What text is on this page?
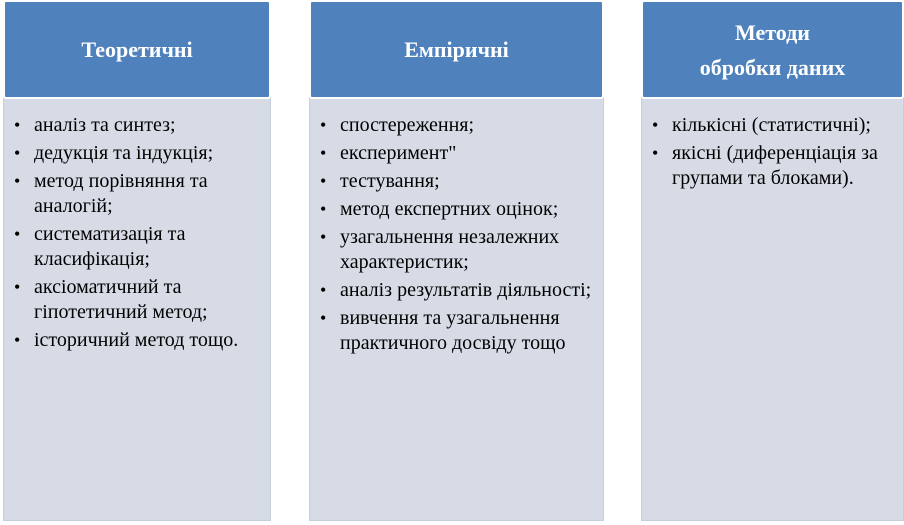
Теоретичні
• аналіз та синтез;
• дедукція та індукція;
• метод порівняння та аналогій;
• систематизація та класифікація;
• аксіоматичний та гіпотетичний метод;
• історичний метод тощо.
Емпіричні
• спостереження;
• експеримент"
• тестування;
• метод експертних оцінок;
• узагальнення незалежних характеристик;
• аналіз результатів діяльності;
• вивчення та узагальнення практичного досвіду тощо
Методи
обробки даних
• кількісні (статистичні);
• якісні (диференціація за групами та блоками).
